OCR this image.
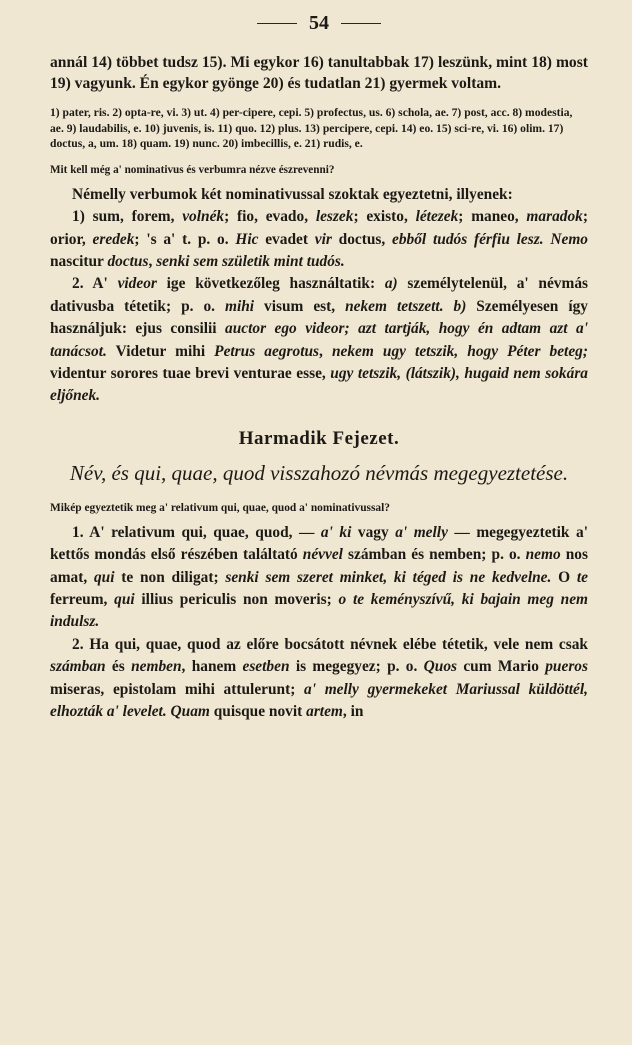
54

annál 14) többet tudsz 15). Mi egykor 16) tanultabbak 17) leszünk, mint 18) most 19) vagyunk. Én egykor gyönge 20) és tudatlan 21) gyermek voltam.

1) pater, ris. 2) opta-re, vi. 3) ut. 4) per-cipere, cepi. 5) profectus, us. 6) schola, ae. 7) post, acc. 8) modestia, ae. 9) laudabilis, e. 10) juvenis, is. 11) quo. 12) plus. 13) percipere, cepi. 14) eo. 15) sci-re, vi. 16) olim. 17) doctus, a, um. 18) quam. 19) nunc. 20) imbecillis, e. 21) rudis, e.

Mit kell még a' nominativus és verbumra nézve észrevenni?

Némelly verbumok két nominativussal szoktak egyeztetni, illyenek:

1) sum, forem, volnék; fio, evado, leszek; existo, létezek; maneo, maradok; orior, eredek; 's a' t. p. o. Hic evadet vir doctus, ebből tudós férfiu lesz. Nemo nascitur doctus, senki sem születik mint tudós.

2. A' videor ige következőleg használtatik: a) személytelenül, a' névmás dativusba tétetik; p. o. mihi visum est, nekem tetszett. b) Személyesen így használjuk: ejus consilii auctor ego videor; azt tartják, hogy én adtam azt a' tanácsot. Videtur mihi Petrus aegrotus, nekem ugy tetszik, hogy Péter beteg; videntur sorores tuae brevi venturae esse, ugy tetszik, (látszik), hugaid nem sokára eljőnek.

Harmadik Fejezet.
Név, és qui, quae, quod visszahozó névmás megegyeztetése.

Mikép egyeztetik meg a' relativum qui, quae, quod a' nominativussal?

1. A' relativum qui, quae, quod, — a' ki vagy a' melly — megegyeztetik a' kettős mondás első részében találtató névvel számban és nemben; p. o. nemo nos amat, qui te non diligat; senki sem szeret minket, ki téged is ne kedvelne. O te ferreum, qui illius periculis non moveris; o te keményszívű, ki bajain meg nem indulsz.

2. Ha qui, quae, quod az előre bocsátott névnek elébe tétetik, vele nem csak számban és nemben, hanem esetben is megegyez; p. o. Quos cum Mario pueros miseras, epistolam mihi attulerunt; a' melly gyermekeket Mariussal küldöttél, elhozták a' levelet. Quam quisque novit artem, in
